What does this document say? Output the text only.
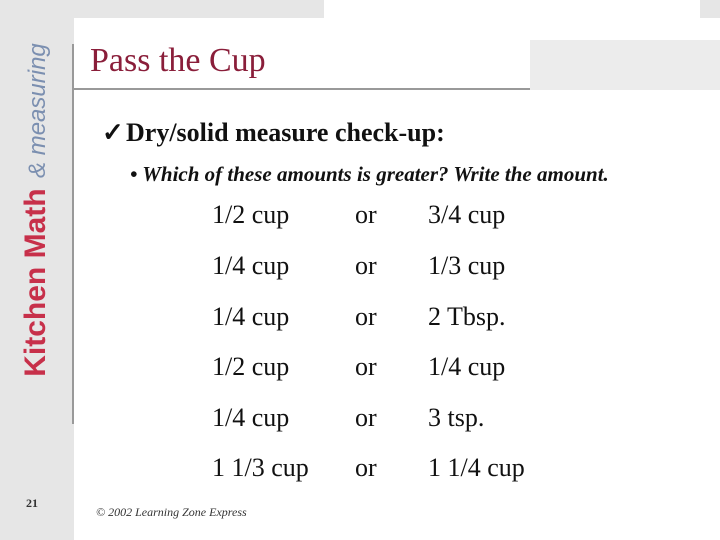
Kitchen Math & measuring Pass the Cup
✓Dry/solid measure check-up:
• Which of these amounts is greater? Write the amount.
1/2 cup	or 3/4 cup
1/4 cup	or 1/3 cup
1/4 cup	or 2 Tbsp.
1/2 cup	or 1/4 cup
1/4 cup	or 3 tsp.
1 1/3 cup or 1 1/4 cup
21
© 2002 Learning Zone Express
